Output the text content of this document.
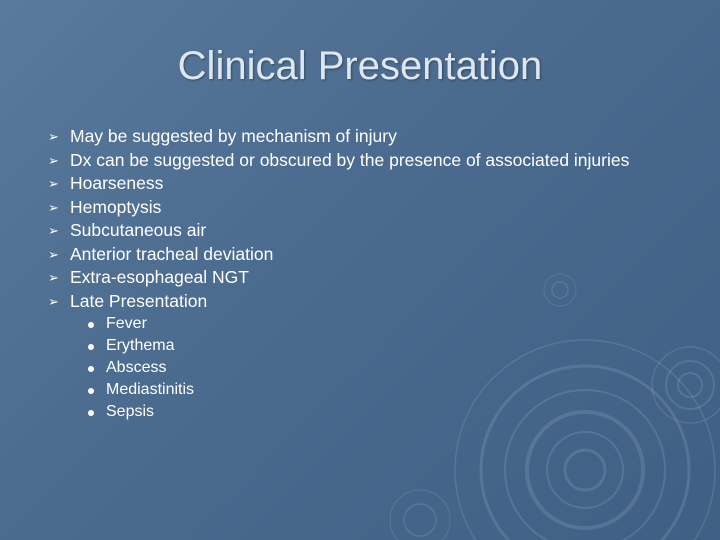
Clinical Presentation
➢ May be suggested by mechanism of injury
➢ Dx can be suggested or obscured by the presence of associated injuries
➢ Hoarseness
➢ Hemoptysis
➢ Subcutaneous air
➢ Anterior tracheal deviation
➢ Extra-esophageal NGT
➢ Late Presentation
Fever
Erythema
Abscess
Mediastinitis
Sepsis
